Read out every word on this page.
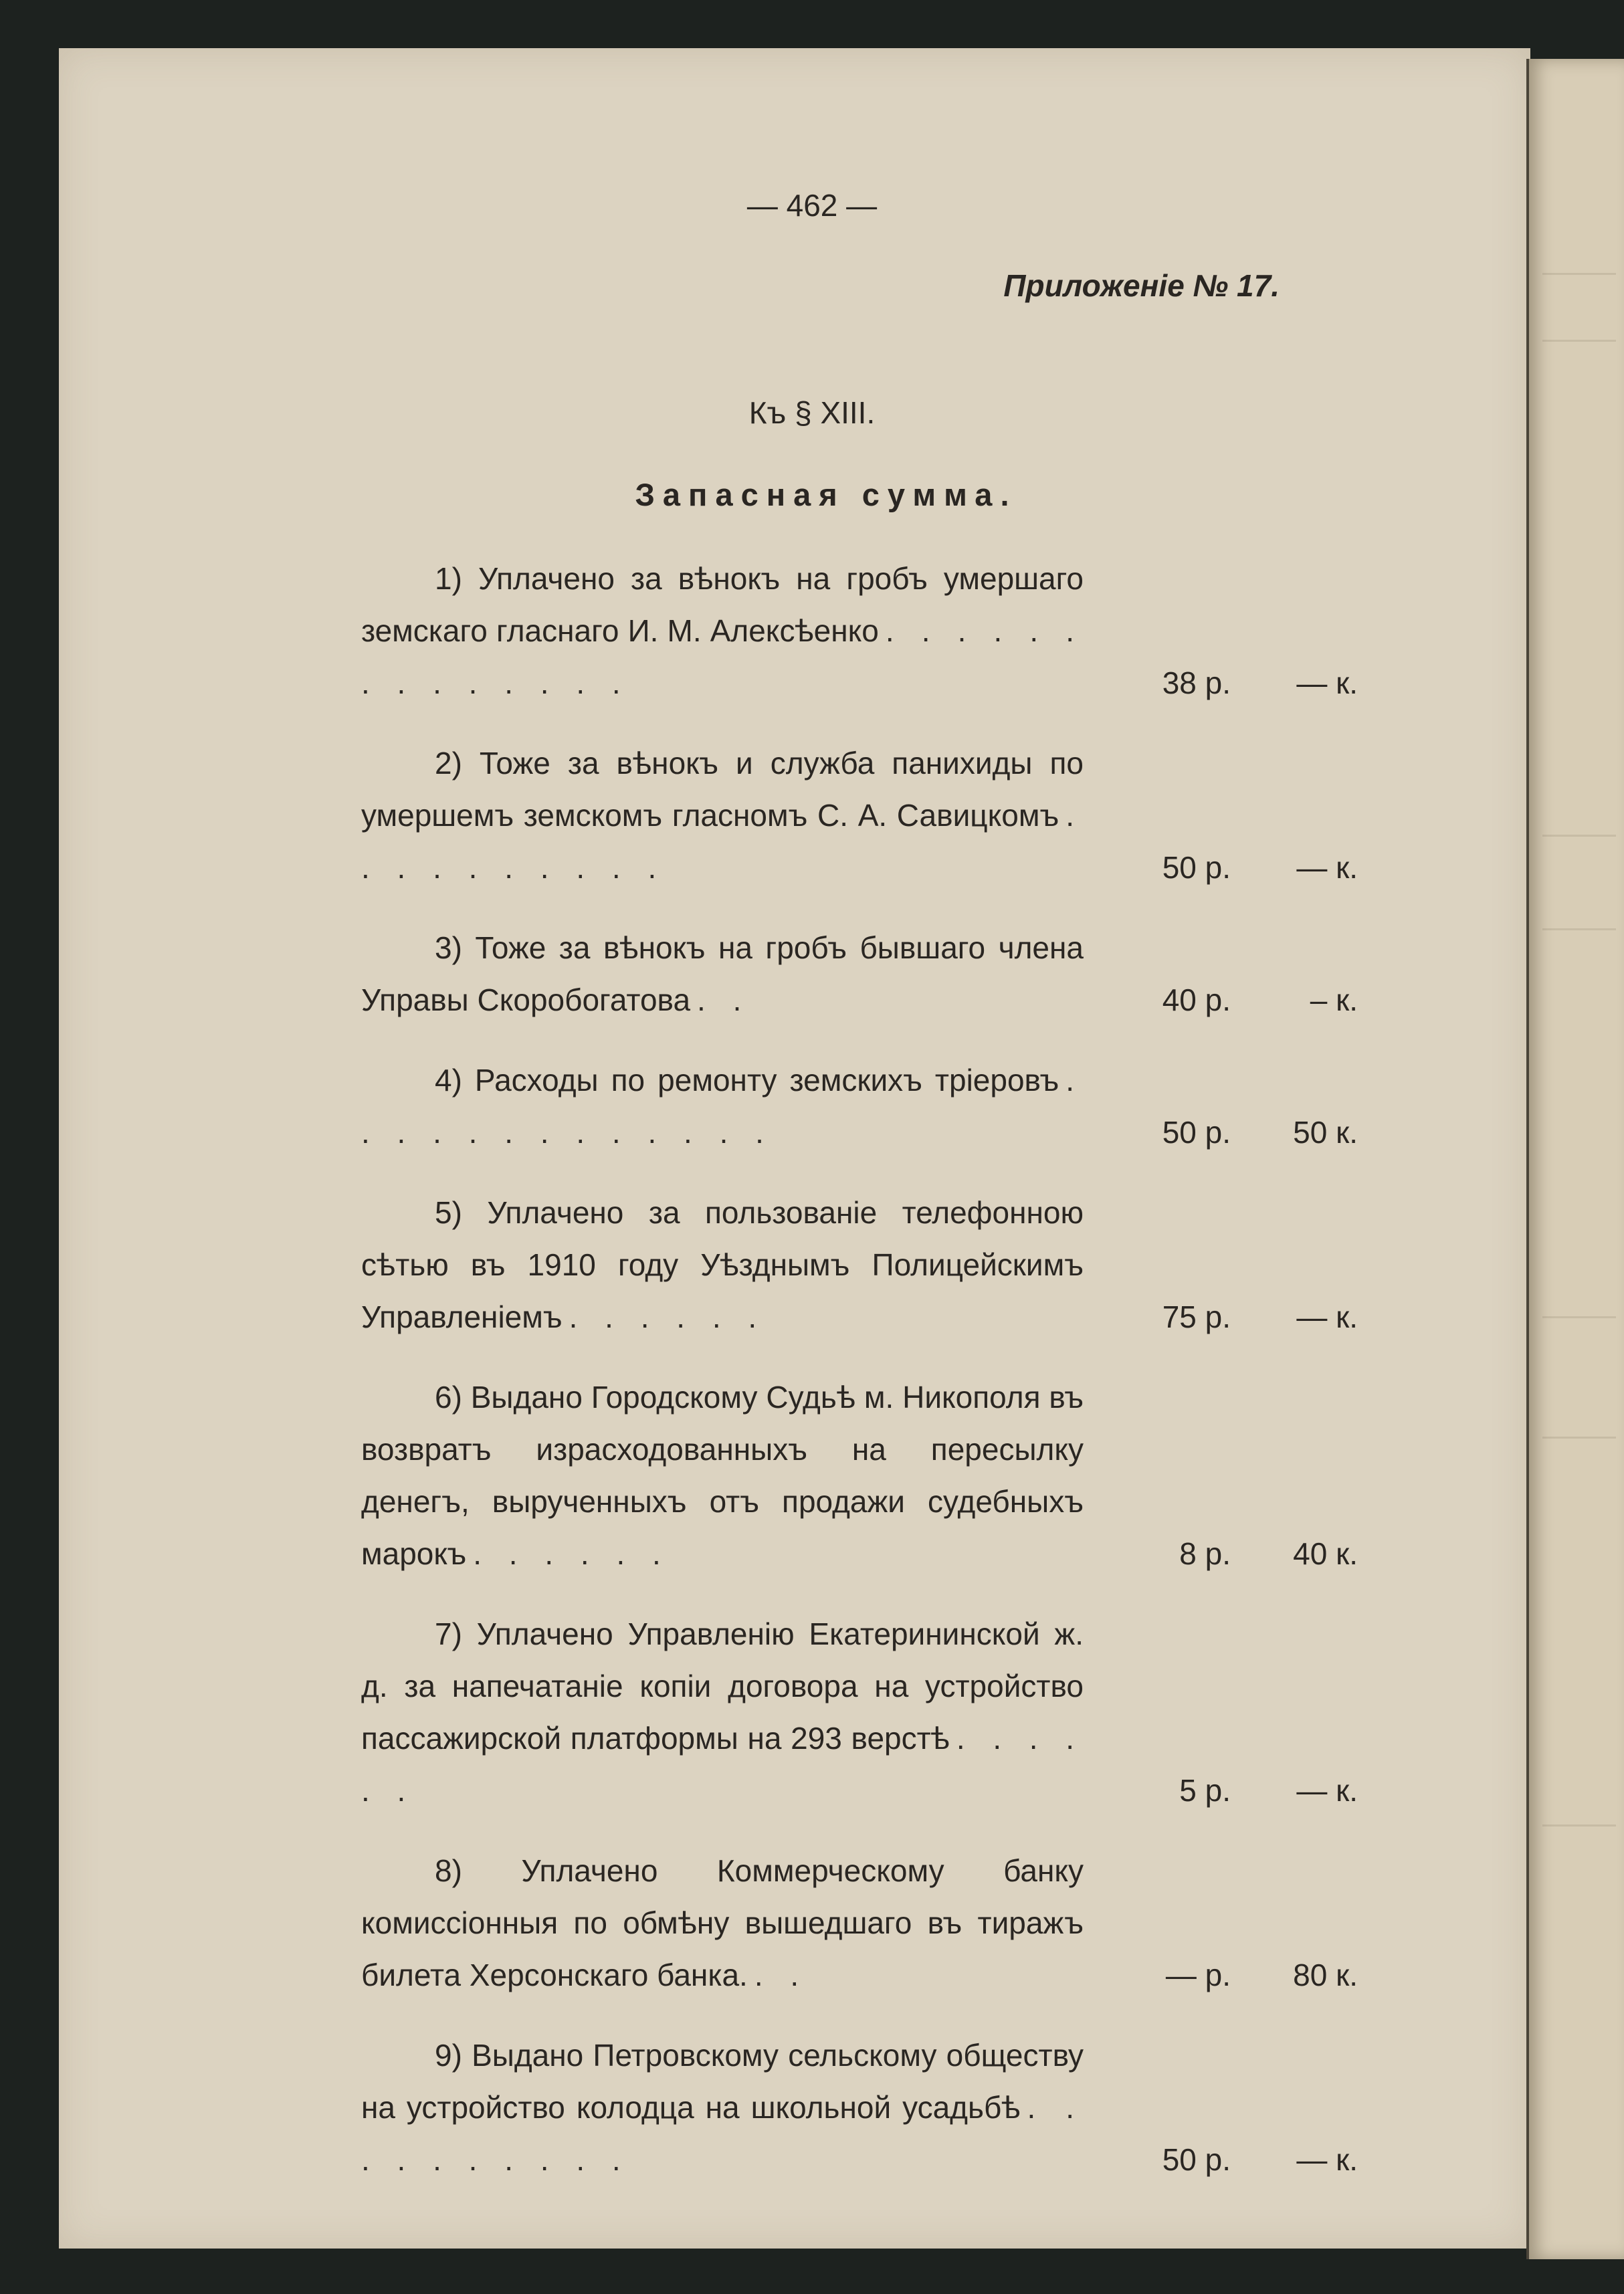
— 462 —
Приложенiе № 17.
Къ § XIII.
Запасная сумма.
1) Уплачено за вѣнокъ на гробъ умершаго земскаго гласнаго И. М. Алексѣенко . . . . . . . . . . . . . .	38 р.	— к.
2) Тоже за вѣнокъ и служба панихиды по умершемъ земскомъ гласномъ С. А. Савицкомъ . . . . . . . . . .	50 р.	— к.
3) Тоже за вѣнокъ на гробъ бывшаго члена Управы Скоробогатова . .	40 р.	– к.
4) Расходы по ремонту земскихъ трiеровъ . . . . . . . . . . . . .	50 р.	50 к.
5) Уплачено за пользованiе телефонною сѣтью въ 1910 году Уѣзднымъ Полицейскимъ Управленiемъ . . . . . .	75 р.	— к.
6) Выдано Городскому Судьѣ м. Никополя въ возвратъ израсходованныхъ на пересылку денегъ, вырученныхъ отъ продажи судебныхъ марокъ . . . . . .	8 р.	40 к.
7) Уплачено Управленiю Екатерининской ж. д. за напечатанiе копiи договора на устройство пассажирской платформы на 293 верстѣ . . . . . .	5 р.	— к.
8) Уплачено Коммерческому банку комиссiонныя по обмѣну вышедшаго въ тиражъ билета Херсонскаго банка. . .	— р.	80 к.
9) Выдано Петровскому сельскому обществу на устройство колодца на школьной усадьбѣ . . . . . . . . . .	50 р.	— к.
